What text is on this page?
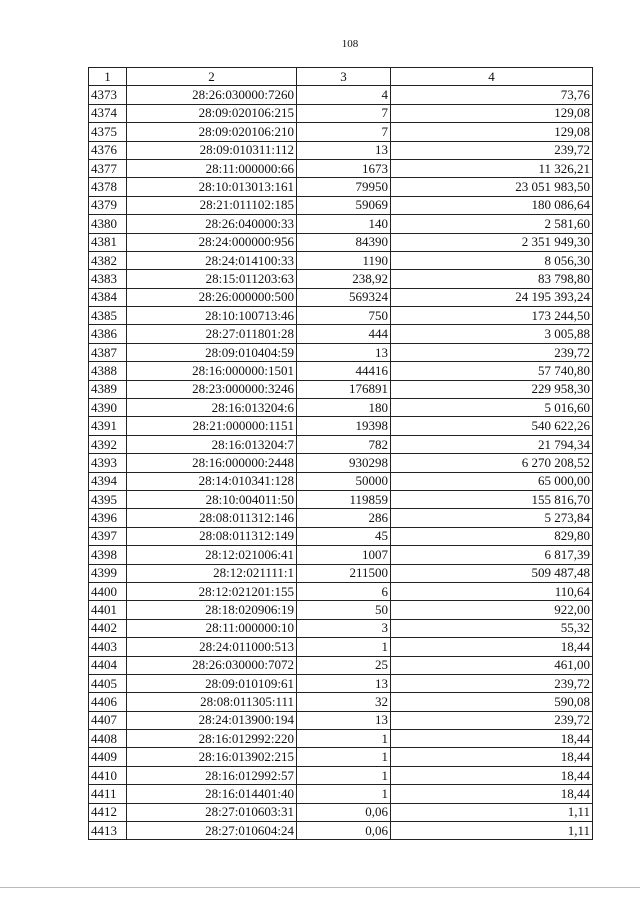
108
1	2	3	4
4373	28:26:030000:7260	4	73,76
4374	28:09:020106:215	7	129,08
4375	28:09:020106:210	7	129,08
4376	28:09:010311:112	13	239,72
4377	28:11:000000:66	1673	11 326,21
4378	28:10:013013:161	79950	23 051 983,50
4379	28:21:011102:185	59069	180 086,64
4380	28:26:040000:33	140	2 581,60
4381	28:24:000000:956	84390	2 351 949,30
4382	28:24:014100:33	1190	8 056,30
4383	28:15:011203:63	238,92	83 798,80
4384	28:26:000000:500	569324	24 195 393,24
4385	28:10:100713:46	750	173 244,50
4386	28:27:011801:28	444	3 005,88
4387	28:09:010404:59	13	239,72
4388	28:16:000000:1501	44416	57 740,80
4389	28:23:000000:3246	176891	229 958,30
4390	28:16:013204:6	180	5 016,60
4391	28:21:000000:1151	19398	540 622,26
4392	28:16:013204:7	782	21 794,34
4393	28:16:000000:2448	930298	6 270 208,52
4394	28:14:010341:128	50000	65 000,00
4395	28:10:004011:50	119859	155 816,70
4396	28:08:011312:146	286	5 273,84
4397	28:08:011312:149	45	829,80
4398	28:12:021006:41	1007	6 817,39
4399	28:12:021111:1	211500	509 487,48
4400	28:12:021201:155	6	110,64
4401	28:18:020906:19	50	922,00
4402	28:11:000000:10	3	55,32
4403	28:24:011000:513	1	18,44
4404	28:26:030000:7072	25	461,00
4405	28:09:010109:61	13	239,72
4406	28:08:011305:111	32	590,08
4407	28:24:013900:194	13	239,72
4408	28:16:012992:220	1	18,44
4409	28:16:013902:215	1	18,44
4410	28:16:012992:57	1	18,44
4411	28:16:014401:40	1	18,44
4412	28:27:010603:31	0,06	1,11
4413	28:27:010604:24	0,06	1,11
